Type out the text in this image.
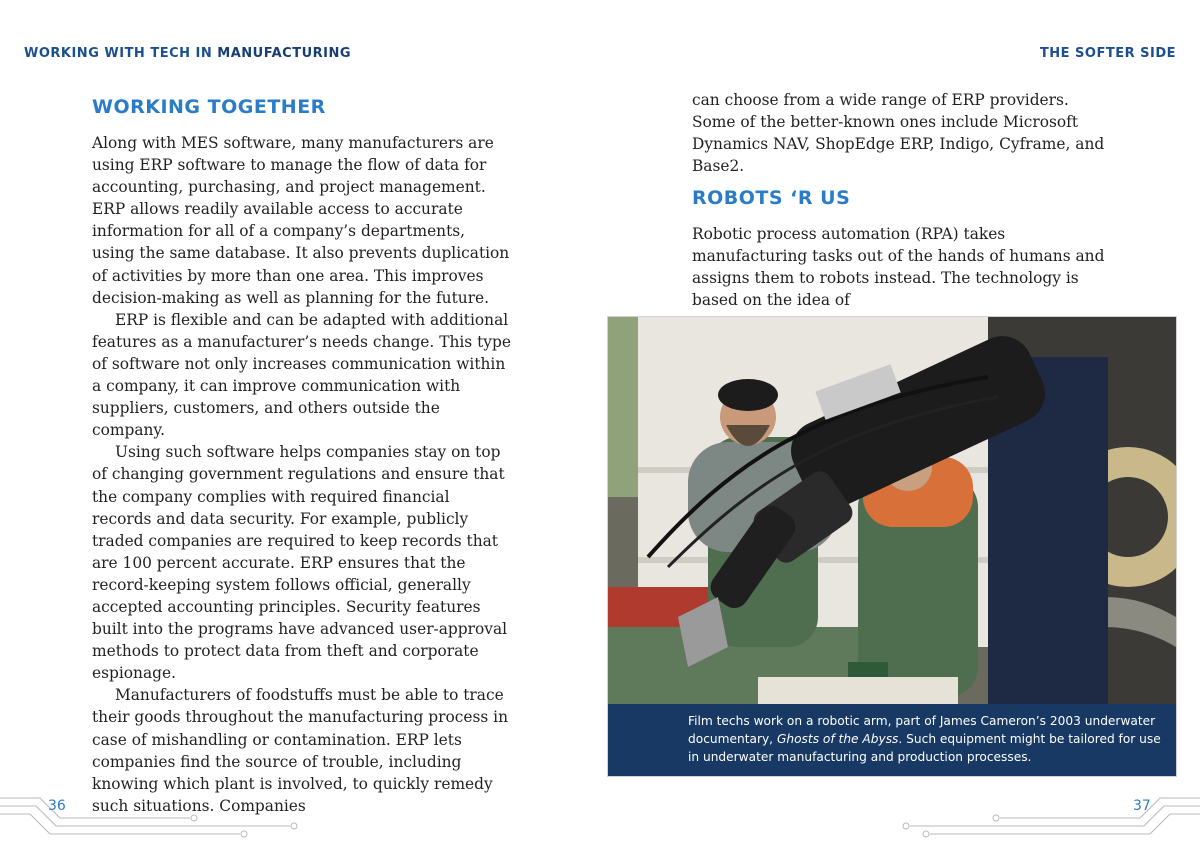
WORKING WITH TECH IN MANUFACTURING	THE SOFTER SIDE
WORKING TOGETHER

Along with MES software, many manufacturers are using ERP software to manage the flow of data for accounting, purchasing, and project management. ERP allows readily available access to accurate information for all of a company’s departments, using the same database. It also prevents duplication of activities by more than one area. This improves decision-making as well as planning for the future.

ERP is flexible and can be adapted with additional features as a manufacturer’s needs change. This type of software not only increases communication within a company, it can improve communication with suppliers, customers, and others outside the company.

Using such software helps companies stay on top of changing government regulations and ensure that the company complies with required financial records and data security. For example, publicly traded companies are required to keep records that are 100 percent accurate. ERP ensures that the record-keeping system follows official, generally accepted accounting principles. Security features built into the programs have advanced user-approval methods to protect data from theft and corporate espionage.

Manufacturers of foodstuffs must be able to trace their goods throughout the manufacturing process in case of mishandling or contamination. ERP lets companies find the source of trouble, including knowing which plant is involved, to quickly remedy such situations. Companies

can choose from a wide range of ERP providers. Some of the better-known ones include Microsoft Dynamics NAV, ShopEdge ERP, Indigo, Cyframe, and Base2.

ROBOTS ‘R US

Robotic process automation (RPA) takes manufacturing tasks out of the hands of humans and assigns them to robots instead. The technology is based on the idea of

Film techs work on a robotic arm, part of James Cameron’s 2003 underwater documentary, Ghosts of the Abyss. Such equipment might be tailored for use in underwater manufacturing and production processes.
36	37
